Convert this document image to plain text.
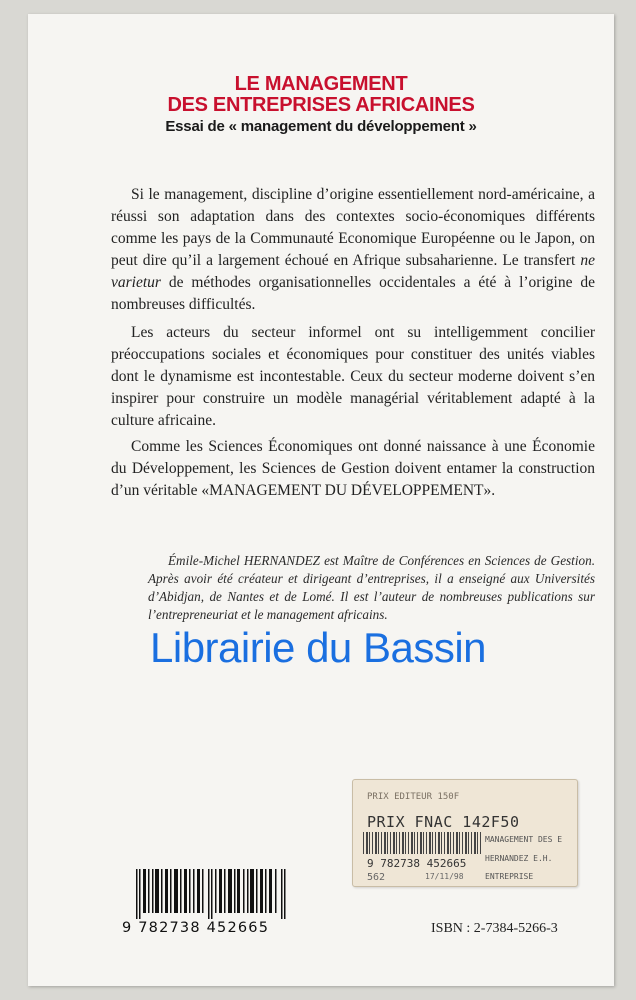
LE MANAGEMENT
DES ENTREPRISES AFRICAINES
Essai de « management du développement »

Si le management, discipline d’origine essentiellement nord-américaine, a réussi son adaptation dans des contextes socio-économiques différents comme les pays de la Communauté Economique Européenne ou le Japon, on peut dire qu’il a largement échoué en Afrique subsaharienne. Le transfert ne varietur de méthodes organisationnelles occidentales a été à l’origine de nombreuses difficultés.

Les acteurs du secteur informel ont su intelligemment concilier préoccupations sociales et économiques pour constituer des unités viables dont le dynamisme est incontestable. Ceux du secteur moderne doivent s’en inspirer pour construire un modèle managérial véritablement adapté à la culture africaine.

Comme les Sciences Économiques ont donné naissance à une Économie du Développement, les Sciences de Gestion doivent entamer la construction d’un véritable «MANAGEMENT DU DÉVELOPPEMENT».

Émile-Michel HERNANDEZ est Maître de Conférences en Sciences de Gestion. Après avoir été créateur et dirigeant d’entreprises, il a enseigné aux Universités d’Abidjan, de Nantes et de Lomé. Il est l’auteur de nombreuses publications sur l’entrepreneuriat et le management africains.

Librairie du Bassin
PRIX EDITEUR 150F
PRIX FNAC 142F50
9 782738 452665
562	17/11/98
MANAGEMENT DES E
HERNANDEZ E.H.
ENTREPRISE
9 782738 452665	ISBN : 2-7384-5266-3
